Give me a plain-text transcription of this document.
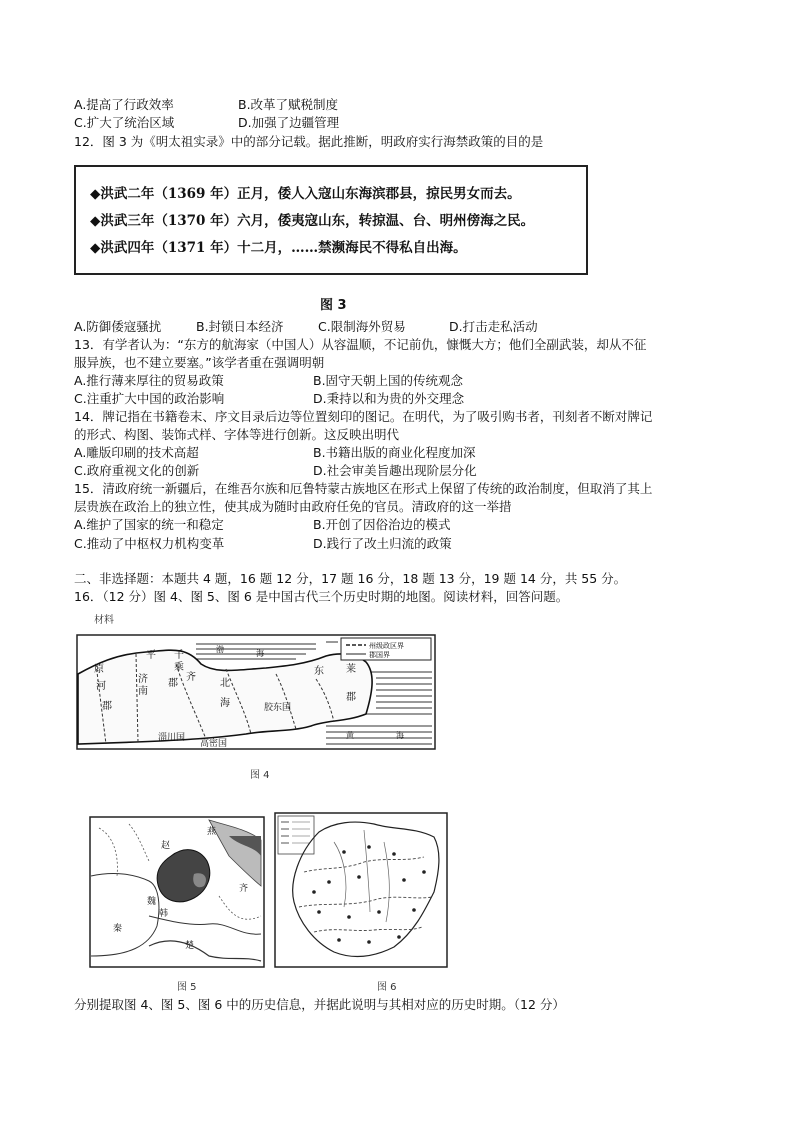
A.提高了行政效率	B.改革了赋税制度
C.扩大了统治区域	D.加强了边疆管理
12．图 3 为《明太祖实录》中的部分记载。据此推断，明政府实行海禁政策的目的是
◆洪武二年（1369 年）正月，倭人入寇山东海滨郡县，掠民男女而去。
◆洪武三年（1370 年）六月，倭夷寇山东，转掠温、台、明州傍海之民。
◆洪武四年（1371 年）十二月，……禁濒海民不得私自出海。
图 3
A.防御倭寇骚扰	B.封锁日本经济	C.限制海外贸易	D.打击走私活动
13．有学者认为：“东方的航海家（中国人）从容温顺，不记前仇，慷慨大方；他们全副武装，却从不征
服异族，也不建立要塞。”该学者重在强调明朝
A.推行薄来厚往的贸易政策	B.固守天朝上国的传统观念
C.注重扩大中国的政治影响	D.秉持以和为贵的外交理念
14．牌记指在书籍卷末、序文目录后边等位置刻印的图记。在明代，为了吸引购书者，刊刻者不断对牌记
的形式、构图、装饰式样、字体等进行创新。这反映出明代
A.雕版印刷的技术高超	B.书籍出版的商业化程度加深
C.政府重视文化的创新	D.社会审美旨趣出现阶层分化
15．清政府统一新疆后，在维吾尔族和厄鲁特蒙古族地区在形式上保留了传统的政治制度，但取消了其上
层贵族在政治上的独立性，使其成为随时由政府任免的官员。清政府的这一举措
A.维护了国家的统一和稳定	B.开创了因俗治边的模式
C.推动了中枢权力机构变革	D.践行了改土归流的政策
二、非选择题：本题共 4 题，16 题 12 分，17 题 16 分，18 题 13 分，19 题 14 分，共 55 分。
16．（12 分）图 4、图 5、图 6 是中国古代三个历史时期的地图。阅读材料，回答问题。
材料
州级政区界
郡国界
平
原
千
乘	东 莱
济
南
郡
齐
北
海
郡
胶东国
淄川国
高密国
河
郡
渤	海
黄	海
图 4
燕
赵
齐
魏
韩
秦
楚
图 5	图 6
分别提取图 4、图 5、图 6 中的历史信息，并据此说明与其相对应的历史时期。（12 分）
